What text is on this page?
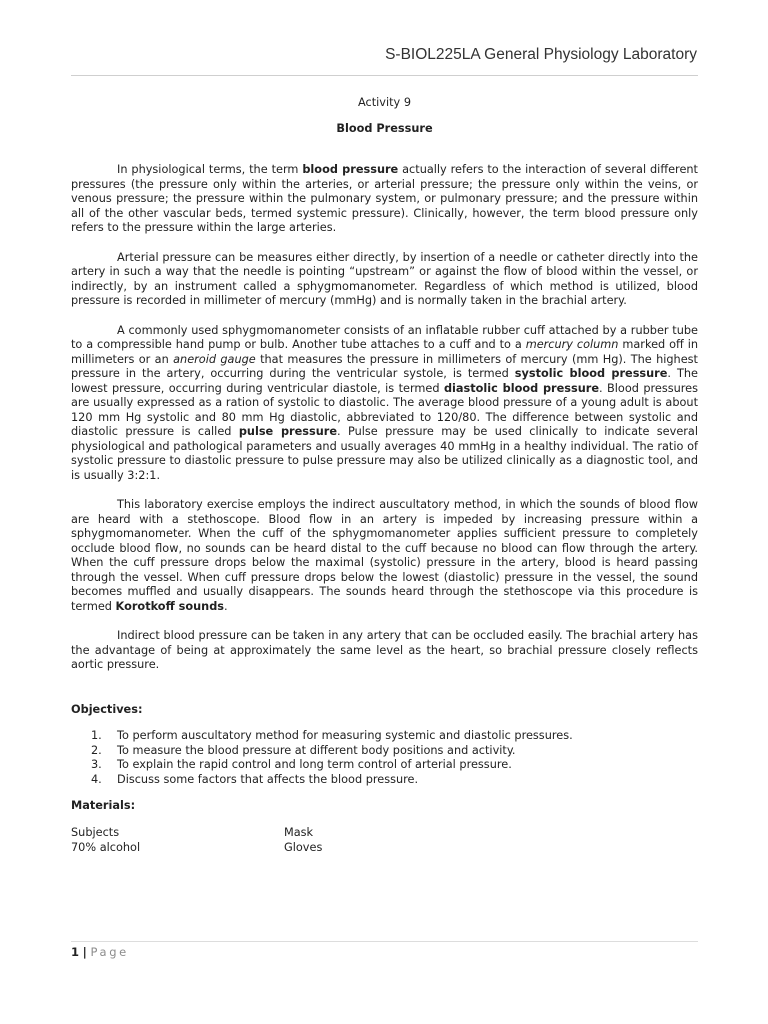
S-BIOL225LA General Physiology Laboratory
Activity 9
Blood Pressure

In physiological terms, the term blood pressure actually refers to the interaction of several different pressures (the pressure only within the arteries, or arterial pressure; the pressure only within the veins, or venous pressure; the pressure within the pulmonary system, or pulmonary pressure; and the pressure within all of the other vascular beds, termed systemic pressure). Clinically, however, the term blood pressure only refers to the pressure within the large arteries.

Arterial pressure can be measures either directly, by insertion of a needle or catheter directly into the artery in such a way that the needle is pointing “upstream” or against the flow of blood within the vessel, or indirectly, by an instrument called a sphygmomanometer. Regardless of which method is utilized, blood pressure is recorded in millimeter of mercury (mmHg) and is normally taken in the brachial artery.

A commonly used sphygmomanometer consists of an inflatable rubber cuff attached by a rubber tube to a compressible hand pump or bulb. Another tube attaches to a cuff and to a mercury column marked off in millimeters or an aneroid gauge that measures the pressure in millimeters of mercury (mm Hg). The highest pressure in the artery, occurring during the ventricular systole, is termed systolic blood pressure. The lowest pressure, occurring during ventricular diastole, is termed diastolic blood pressure. Blood pressures are usually expressed as a ration of systolic to diastolic. The average blood pressure of a young adult is about 120 mm Hg systolic and 80 mm Hg diastolic, abbreviated to 120/80. The difference between systolic and diastolic pressure is called pulse pressure. Pulse pressure may be used clinically to indicate several physiological and pathological parameters and usually averages 40 mmHg in a healthy individual. The ratio of systolic pressure to diastolic pressure to pulse pressure may also be utilized clinically as a diagnostic tool, and is usually 3:2:1.

This laboratory exercise employs the indirect auscultatory method, in which the sounds of blood flow are heard with a stethoscope. Blood flow in an artery is impeded by increasing pressure within a sphygmomanometer. When the cuff of the sphygmomanometer applies sufficient pressure to completely occlude blood flow, no sounds can be heard distal to the cuff because no blood can flow through the artery. When the cuff pressure drops below the maximal (systolic) pressure in the artery, blood is heard passing through the vessel. When cuff pressure drops below the lowest (diastolic) pressure in the vessel, the sound becomes muffled and usually disappears. The sounds heard through the stethoscope via this procedure is termed Korotkoff sounds.

Indirect blood pressure can be taken in any artery that can be occluded easily. The brachial artery has the advantage of being at approximately the same level as the heart, so brachial pressure closely reflects aortic pressure.

Objectives:
1.	To perform auscultatory method for measuring systemic and diastolic pressures.
2.	To measure the blood pressure at different body positions and activity.
3.	To explain the rapid control and long term control of arterial pressure.
4.	Discuss some factors that affects the blood pressure.
Materials:
Subjects	Mask
70% alcohol	Gloves
1 | Page
